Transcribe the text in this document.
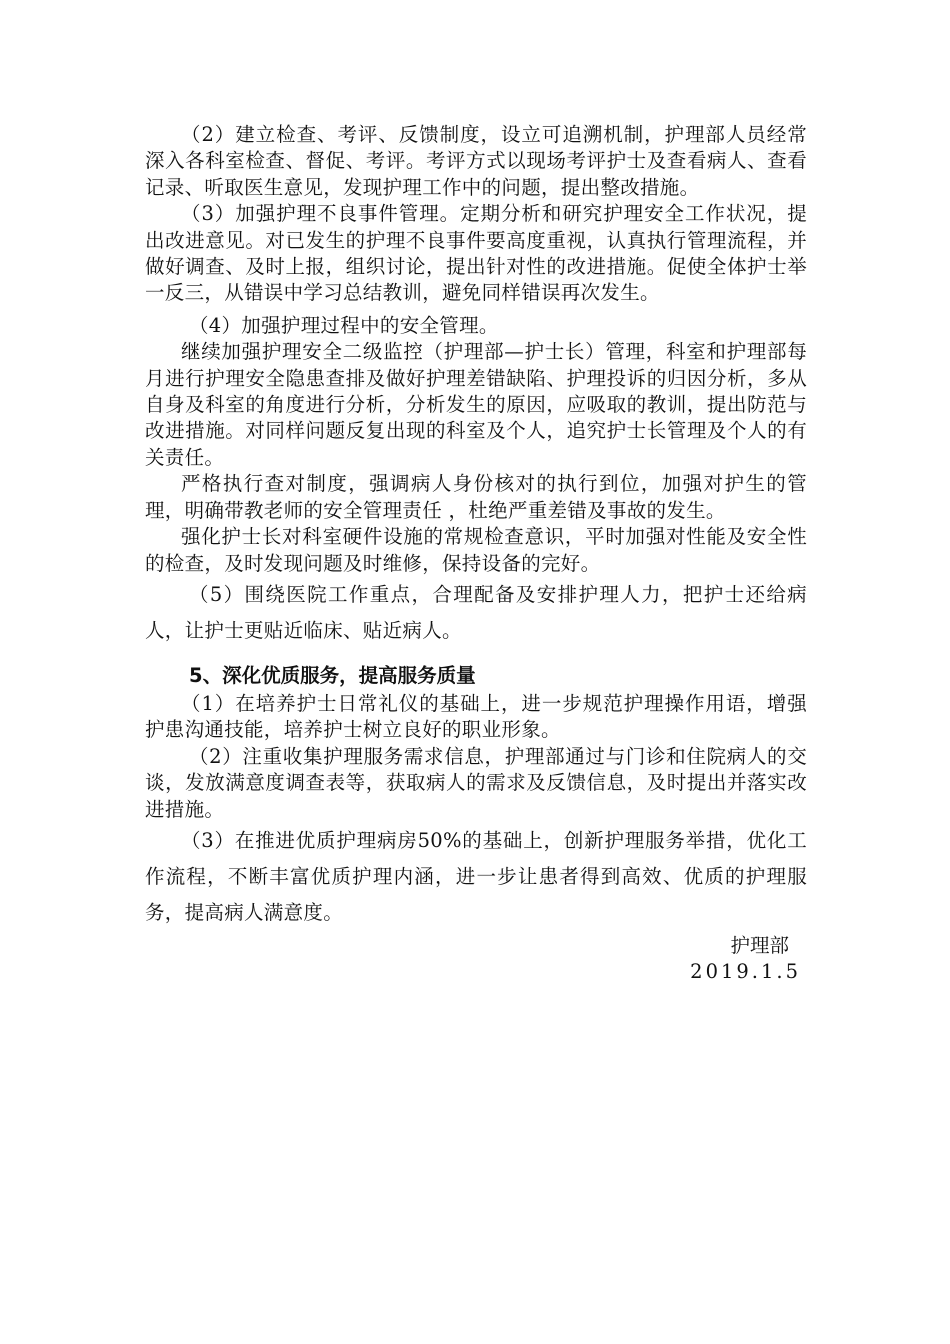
（2）建立检查、考评、反馈制度，设立可追溯机制，护理部人员经常深入各科室检查、督促、考评。考评方式以现场考评护士及查看病人、查看记录、听取医生意见，发现护理工作中的问题，提出整改措施。

（3）加强护理不良事件管理。定期分析和研究护理安全工作状况，提出改进意见。对已发生的护理不良事件要高度重视，认真执行管理流程，并做好调查、及时上报，组织讨论，提出针对性的改进措施。促使全体护士举一反三，从错误中学习总结教训，避免同样错误再次发生。

（4）加强护理过程中的安全管理。

继续加强护理安全二级监控（护理部—护士长）管理，科室和护理部每月进行护理安全隐患查排及做好护理差错缺陷、护理投诉的归因分析，多从自身及科室的角度进行分析，分析发生的原因，应吸取的教训，提出防范与改进措施。对同样问题反复出现的科室及个人，追究护士长管理及个人的有关责任。

严格执行查对制度，强调病人身份核对的执行到位，加强对护生的管理，明确带教老师的安全管理责任 ，杜绝严重差错及事故的发生。

强化护士长对科室硬件设施的常规检查意识，平时加强对性能及安全性的检查，及时发现问题及时维修，保持设备的完好。

（5）围绕医院工作重点，合理配备及安排护理人力，把护士还给病人，让护士更贴近临床、贴近病人。

5、深化优质服务，提高服务质量

（1）在培养护士日常礼仪的基础上，进一步规范护理操作用语，增强护患沟通技能，培养护士树立良好的职业形象。

（2）注重收集护理服务需求信息，护理部通过与门诊和住院病人的交谈，发放满意度调查表等，获取病人的需求及反馈信息，及时提出并落实改进措施。

（3）在推进优质护理病房50%的基础上，创新护理服务举措，优化工作流程，不断丰富优质护理内涵，进一步让患者得到高效、优质的护理服务，提高病人满意度。

护理部
2019.1.5
